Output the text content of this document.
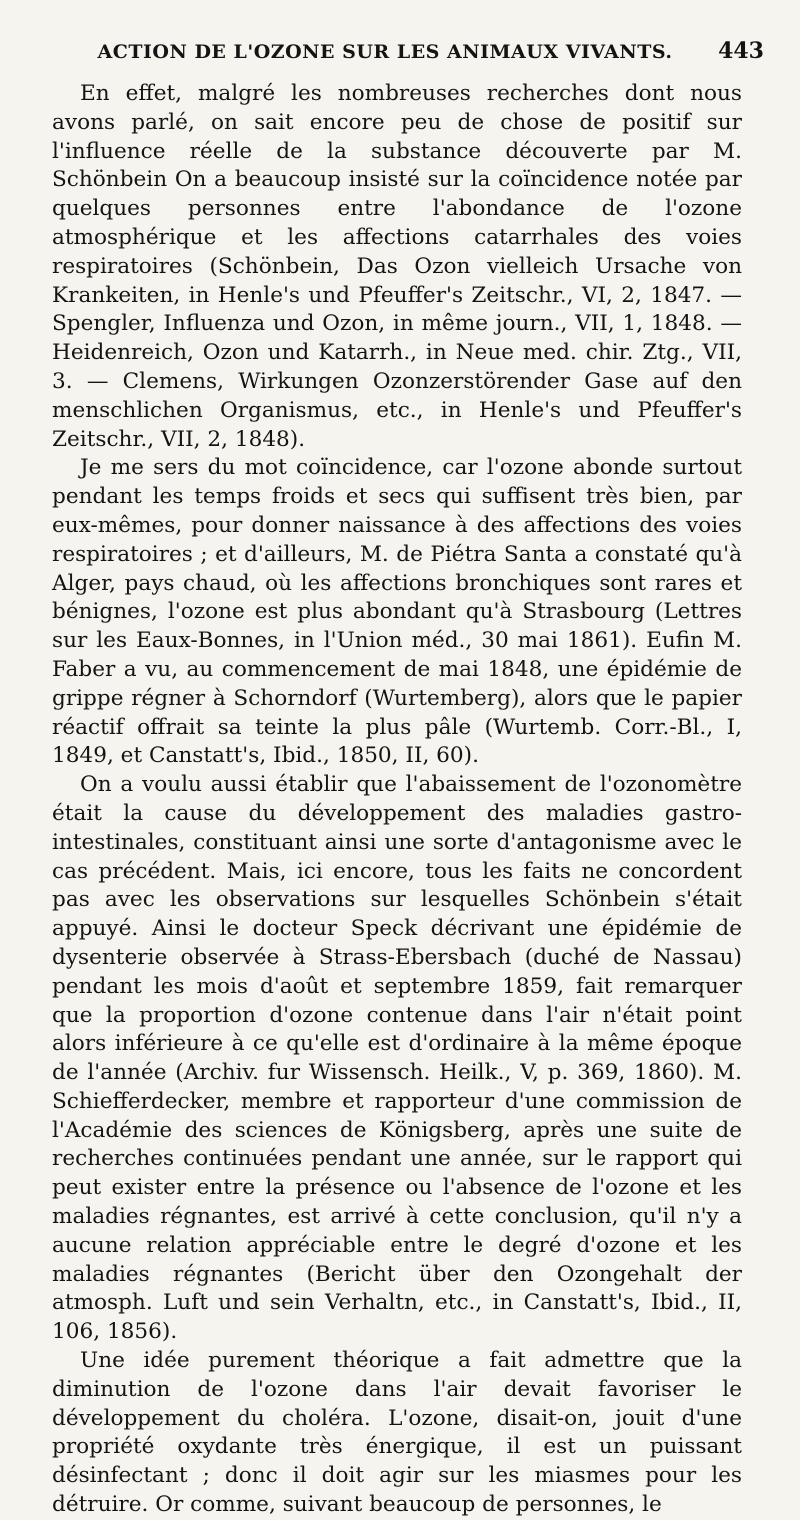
ACTION DE L'OZONE SUR LES ANIMAUX VIVANTS.	443

En effet, malgré les nombreuses recherches dont nous avons parlé, on sait encore peu de chose de positif sur l'influence réelle de la substance découverte par M. Schönbein On a beaucoup insisté sur la coïncidence notée par quelques personnes entre l'abondance de l'ozone atmosphérique et les affections catarrhales des voies respiratoires (Schönbein, Das Ozon vielleich Ursache von Krankeiten, in Henle's und Pfeuffer's Zeitschr., VI, 2, 1847. —Spengler, Influenza und Ozon, in même journ., VII, 1, 1848. — Heidenreich, Ozon und Katarrh., in Neue med. chir. Ztg., VII, 3. — Clemens, Wirkungen Ozonzerstörender Gase auf den menschlichen Organismus, etc., in Henle's und Pfeuffer's Zeitschr., VII, 2, 1848).

Je me sers du mot coïncidence, car l'ozone abonde surtout pendant les temps froids et secs qui suffisent très bien, par eux-mêmes, pour donner naissance à des affections des voies respiratoires ; et d'ailleurs, M. de Piétra Santa a constaté qu'à Alger, pays chaud, où les affections bronchiques sont rares et bénignes, l'ozone est plus abondant qu'à Strasbourg (Lettres sur les Eaux-Bonnes, in l'Union méd., 30 mai 1861). Eufin M. Faber a vu, au commencement de mai 1848, une épidémie de grippe régner à Schorndorf (Wurtemberg), alors que le papier réactif offrait sa teinte la plus pâle (Wurtemb. Corr.-Bl., I, 1849, et Canstatt's, Ibid., 1850, II, 60).

On a voulu aussi établir que l'abaissement de l'ozonomètre était la cause du développement des maladies gastro-intestinales, constituant ainsi une sorte d'antagonisme avec le cas précédent. Mais, ici encore, tous les faits ne concordent pas avec les observations sur lesquelles Schönbein s'était appuyé. Ainsi le docteur Speck décrivant une épidémie de dysenterie observée à Strass-Ebersbach (duché de Nassau) pendant les mois d'août et septembre 1859, fait remarquer que la proportion d'ozone contenue dans l'air n'était point alors inférieure à ce qu'elle est d'ordinaire à la même époque de l'année (Archiv. fur Wissensch. Heilk., V, p. 369, 1860). M. Schiefferdecker, membre et rapporteur d'une commission de l'Académie des sciences de Königsberg, après une suite de recherches continuées pendant une année, sur le rapport qui peut exister entre la présence ou l'absence de l'ozone et les maladies régnantes, est arrivé à cette conclusion, qu'il n'y a aucune relation appréciable entre le degré d'ozone et les maladies régnantes (Bericht über den Ozongehalt der atmosph. Luft und sein Verhaltn, etc., in Canstatt's, Ibid., II, 106, 1856).

Une idée purement théorique a fait admettre que la diminution de l'ozone dans l'air devait favoriser le développement du choléra. L'ozone, disait-on, jouit d'une propriété oxydante très énergique, il est un puissant désinfectant ; donc il doit agir sur les miasmes pour les détruire. Or comme, suivant beaucoup de personnes, le
